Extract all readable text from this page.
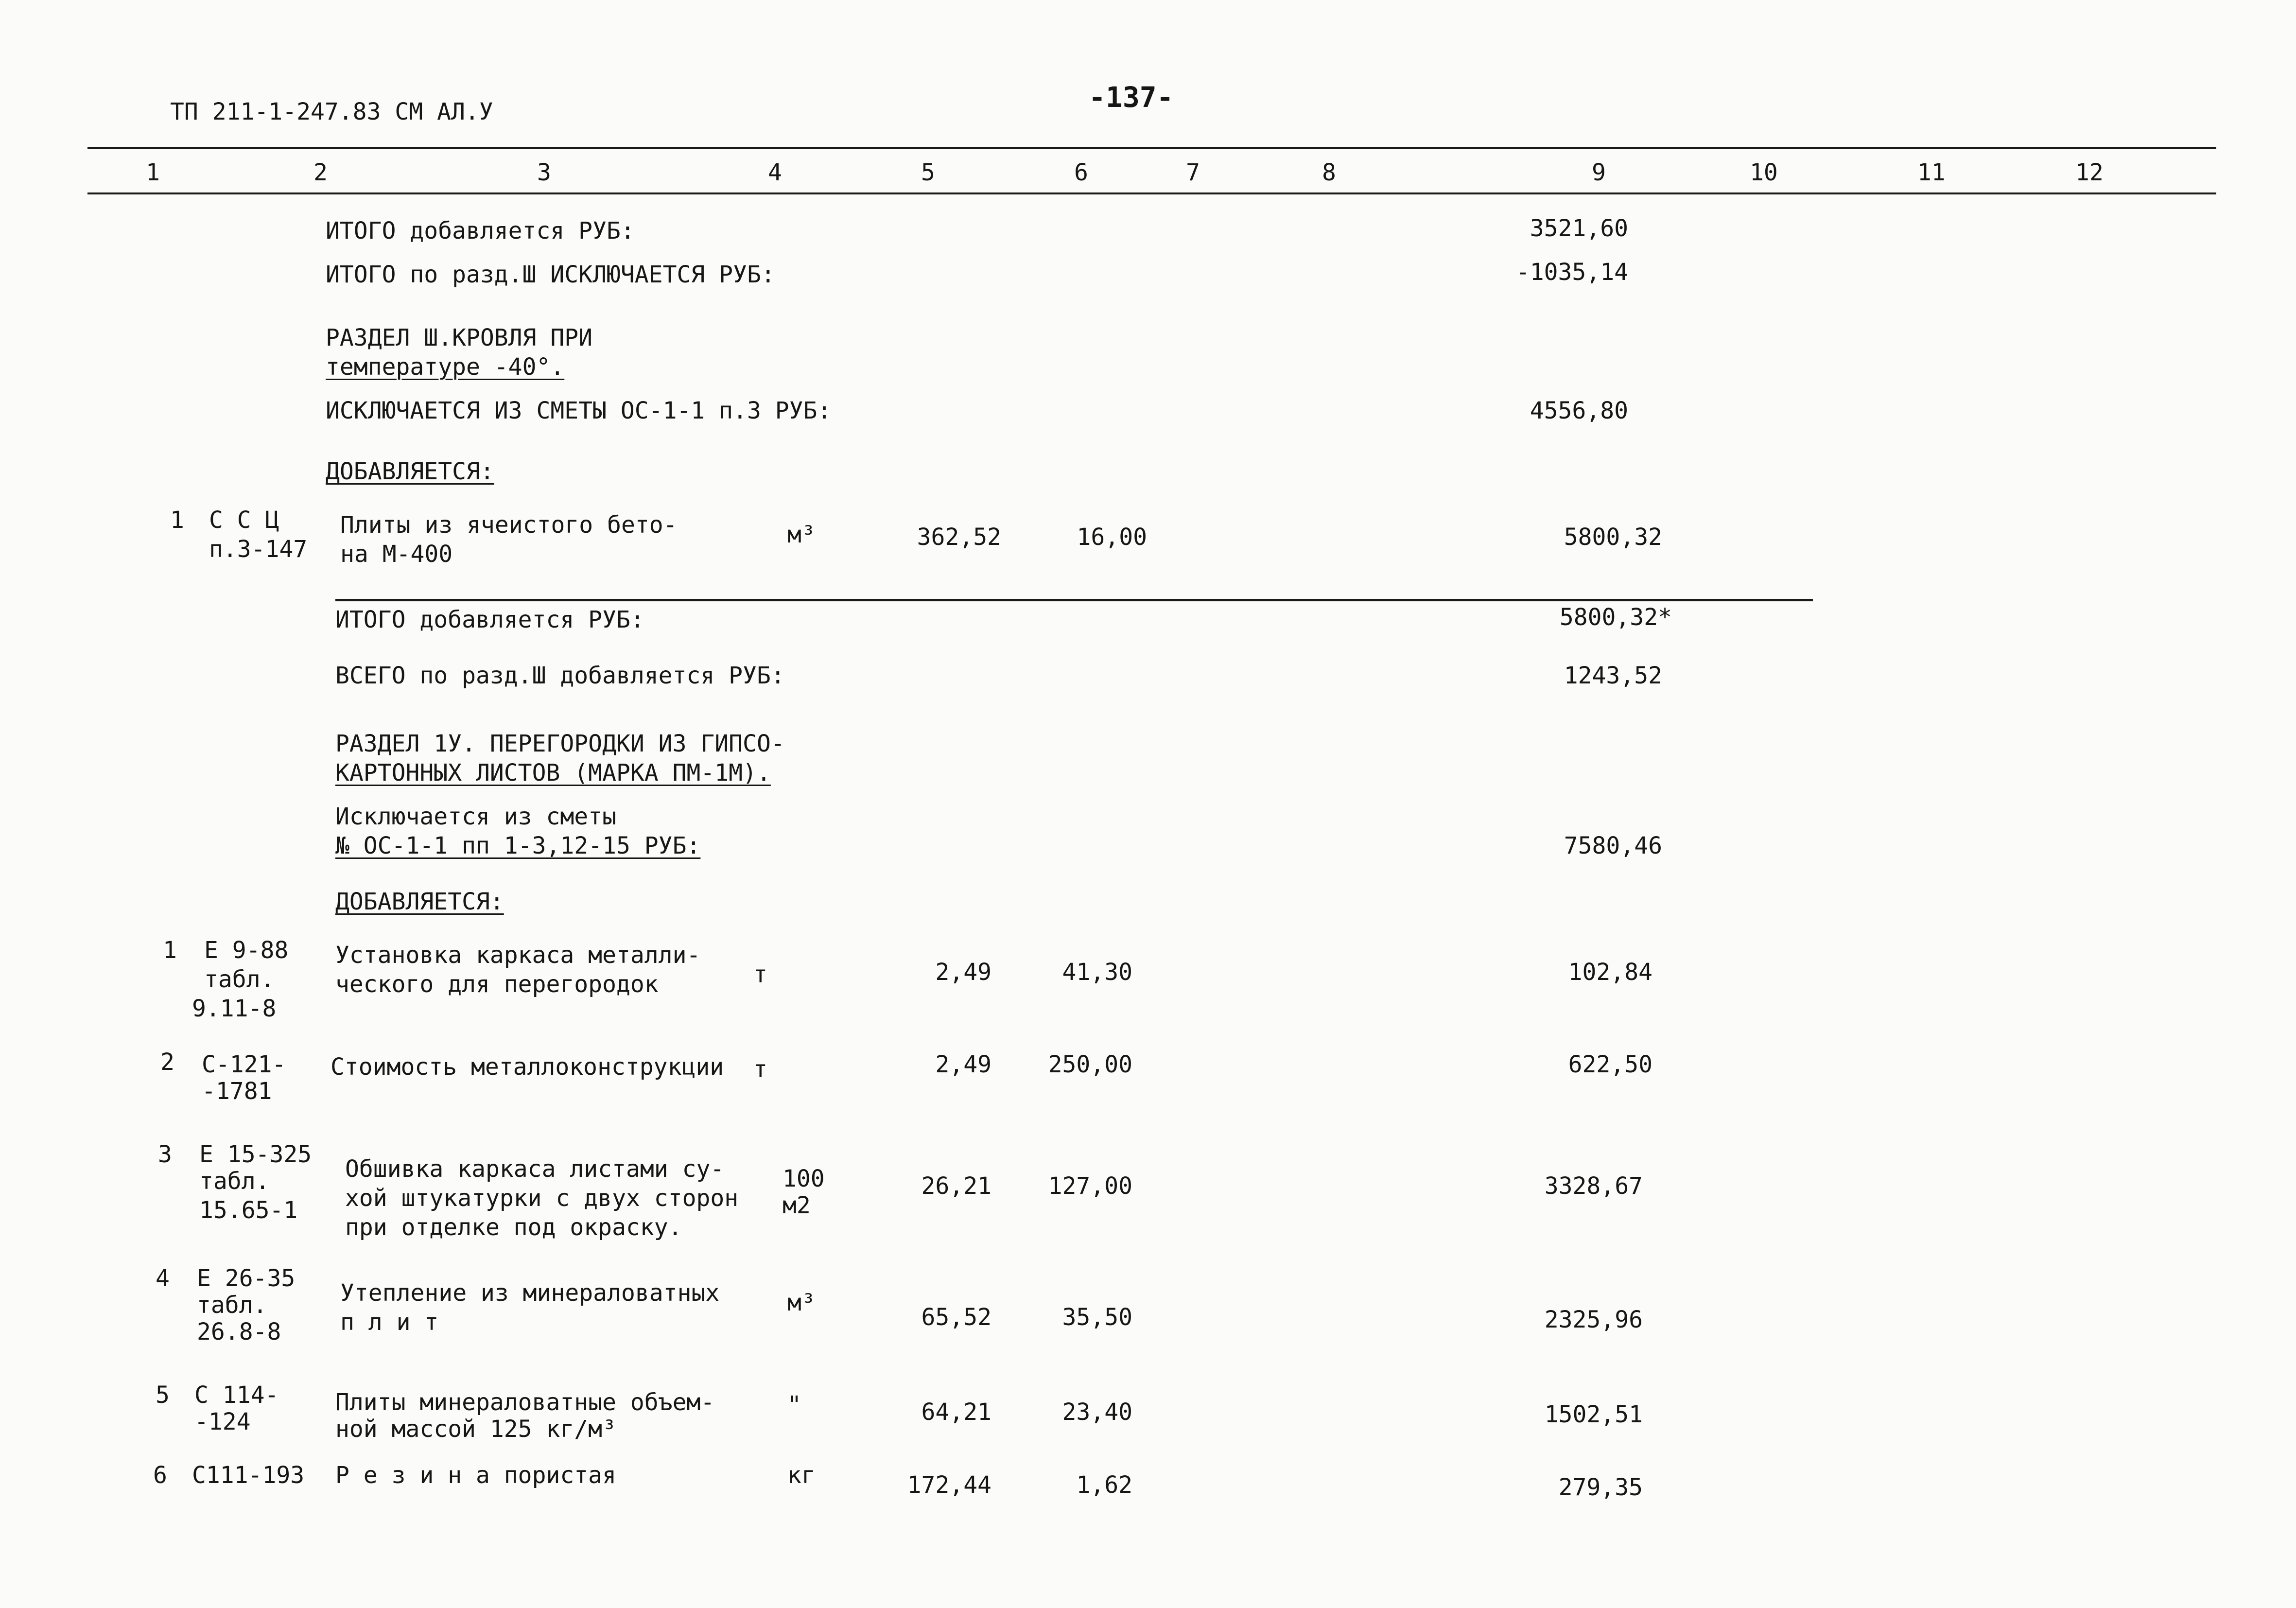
ТП 211-1-247.83 СМ АЛ.У	-137-
1	2	3	4	5	6	7	8	9	10	11	12
ИТОГО добавляется РУБ:	3521,60
ИТОГО по разд.Ш ИСКЛЮЧАЕТСЯ РУБ:	-1035,14
РАЗДЕЛ Ш.КРОВЛЯ ПРИ
температуре -40°.
ИСКЛЮЧАЕТСЯ ИЗ СМЕТЫ ОС-1-1 п.3 РУБ:	4556,80
ДОБАВЛЯЕТСЯ:
1 С С Ц
п.3-147
Плиты из ячеистого бето-
на М-400
м³	362,52	16,00	5800,32
ИТОГО добавляется РУБ:	5800,32*
ВСЕГО по разд.Ш добавляется РУБ:	1243,52
РАЗДЕЛ 1У. ПЕРЕГОРОДКИ ИЗ ГИПСО-
КАРТОННЫХ ЛИСТОВ (МАРКА ПМ-1М).
Исключается из сметы
№ ОС-1-1 пп 1-3,12-15 РУБ:	7580,46
ДОБАВЛЯЕТСЯ:
1 Е 9-88
табл.
9.11-8
Установка каркаса металли-
ческого для перегородок	т	2,49	41,30	102,84
2 С-121-
-1781
Стоимость металлоконструкции т	2,49	250,00	622,50
3 Е 15-325
табл.
15.65-1
Обшивка каркаса листами су-
хой штукатурки с двух сторон
при отделке под окраску.
100
м2
26,21	127,00	3328,67
4 Е 26-35
табл.
26.8-8
Утепление из минераловатных
п л и т
м³
65,52	35,50	2325,96
5 С 114-
-124
Плиты минераловатные объем-
ной массой 125 кг/м³
"	64,21	23,40	1502,51
6 С111-193 Р е з и н а пористая	кг	172,44	1,62	279,35
